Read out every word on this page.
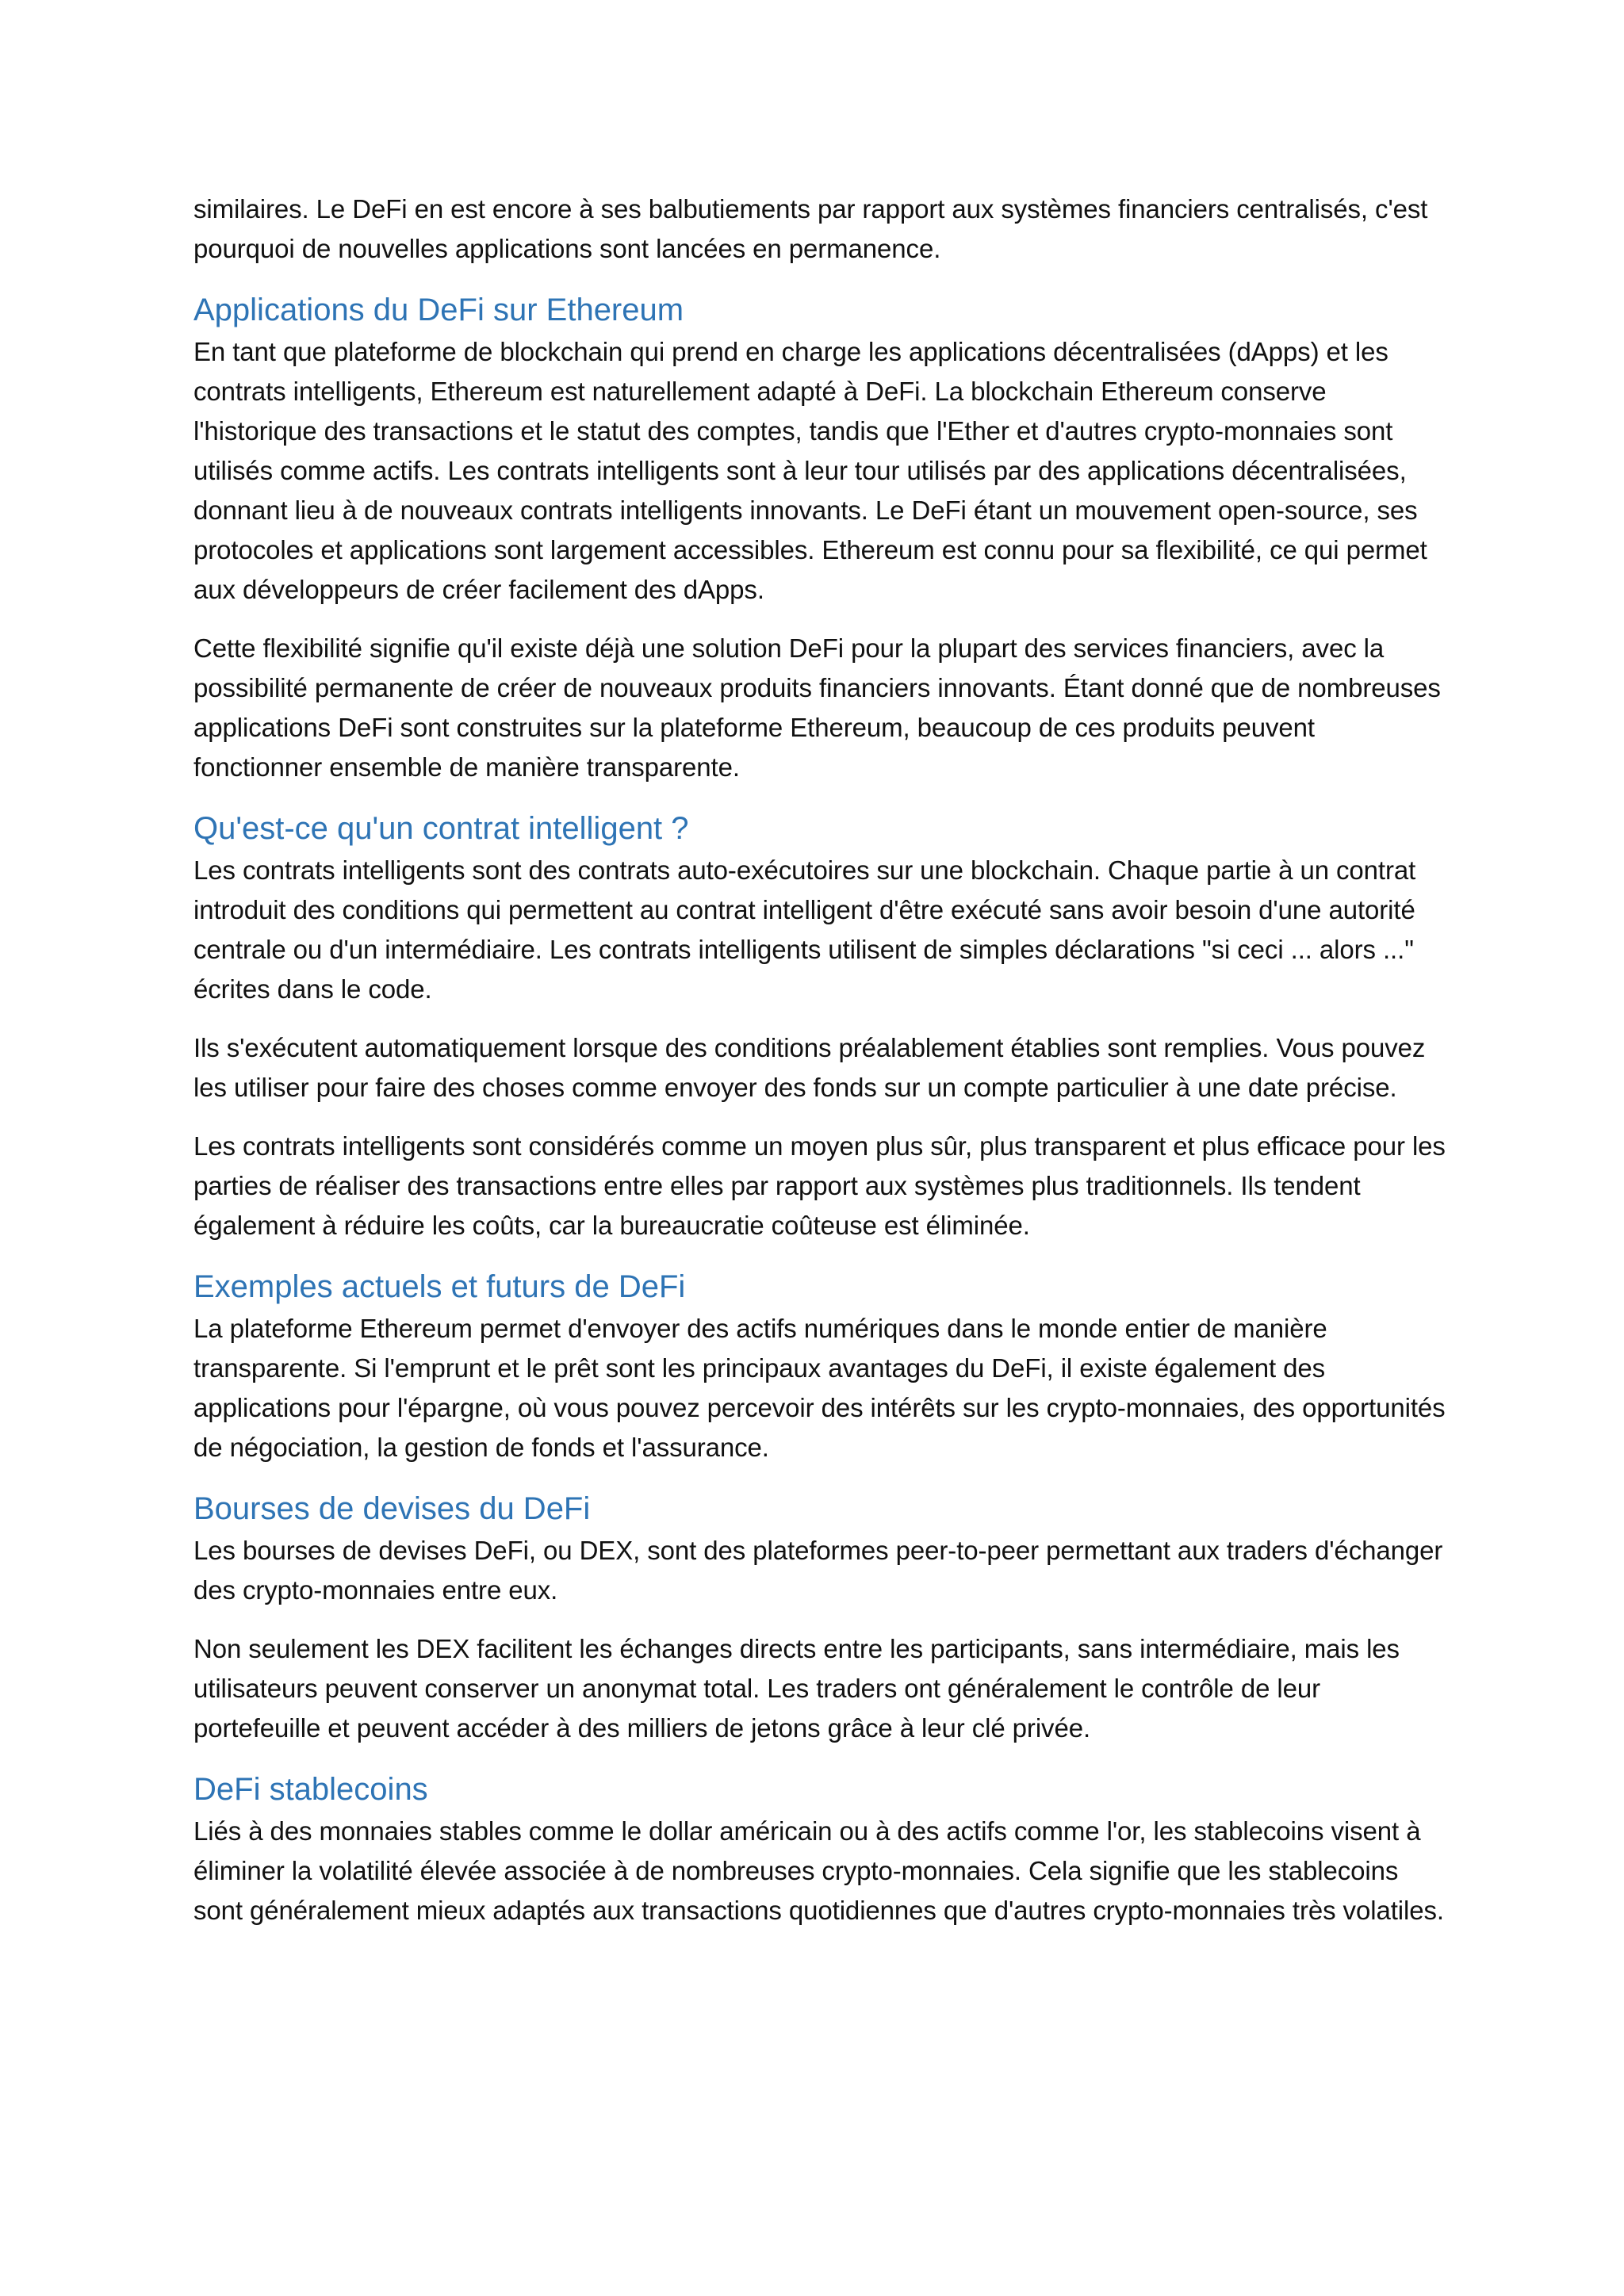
similaires. Le DeFi en est encore à ses balbutiements par rapport aux systèmes financiers centralisés, c'est pourquoi de nouvelles applications sont lancées en permanence.

Applications du DeFi sur Ethereum

En tant que plateforme de blockchain qui prend en charge les applications décentralisées (dApps) et les contrats intelligents, Ethereum est naturellement adapté à DeFi. La blockchain Ethereum conserve l'historique des transactions et le statut des comptes, tandis que l'Ether et d'autres crypto-monnaies sont utilisés comme actifs. Les contrats intelligents sont à leur tour utilisés par des applications décentralisées, donnant lieu à de nouveaux contrats intelligents innovants. Le DeFi étant un mouvement open-source, ses protocoles et applications sont largement accessibles. Ethereum est connu pour sa flexibilité, ce qui permet aux développeurs de créer facilement des dApps.

Cette flexibilité signifie qu'il existe déjà une solution DeFi pour la plupart des services financiers, avec la possibilité permanente de créer de nouveaux produits financiers innovants. Étant donné que de nombreuses applications DeFi sont construites sur la plateforme Ethereum, beaucoup de ces produits peuvent fonctionner ensemble de manière transparente.

Qu'est-ce qu'un contrat intelligent ?

Les contrats intelligents sont des contrats auto-exécutoires sur une blockchain. Chaque partie à un contrat introduit des conditions qui permettent au contrat intelligent d'être exécuté sans avoir besoin d'une autorité centrale ou d'un intermédiaire. Les contrats intelligents utilisent de simples déclarations "si ceci ... alors ..." écrites dans le code.

Ils s'exécutent automatiquement lorsque des conditions préalablement établies sont remplies. Vous pouvez les utiliser pour faire des choses comme envoyer des fonds sur un compte particulier à une date précise.

Les contrats intelligents sont considérés comme un moyen plus sûr, plus transparent et plus efficace pour les parties de réaliser des transactions entre elles par rapport aux systèmes plus traditionnels. Ils tendent également à réduire les coûts, car la bureaucratie coûteuse est éliminée.

Exemples actuels et futurs de DeFi

La plateforme Ethereum permet d'envoyer des actifs numériques dans le monde entier de manière transparente. Si l'emprunt et le prêt sont les principaux avantages du DeFi, il existe également des applications pour l'épargne, où vous pouvez percevoir des intérêts sur les crypto-monnaies, des opportunités de négociation, la gestion de fonds et l'assurance.

Bourses de devises du DeFi

Les bourses de devises DeFi, ou DEX, sont des plateformes peer-to-peer permettant aux traders d'échanger des crypto-monnaies entre eux.

Non seulement les DEX facilitent les échanges directs entre les participants, sans intermédiaire, mais les utilisateurs peuvent conserver un anonymat total. Les traders ont généralement le contrôle de leur portefeuille et peuvent accéder à des milliers de jetons grâce à leur clé privée.

DeFi stablecoins

Liés à des monnaies stables comme le dollar américain ou à des actifs comme l'or, les stablecoins visent à éliminer la volatilité élevée associée à de nombreuses crypto-monnaies. Cela signifie que les stablecoins sont généralement mieux adaptés aux transactions quotidiennes que d'autres crypto-monnaies très volatiles.
